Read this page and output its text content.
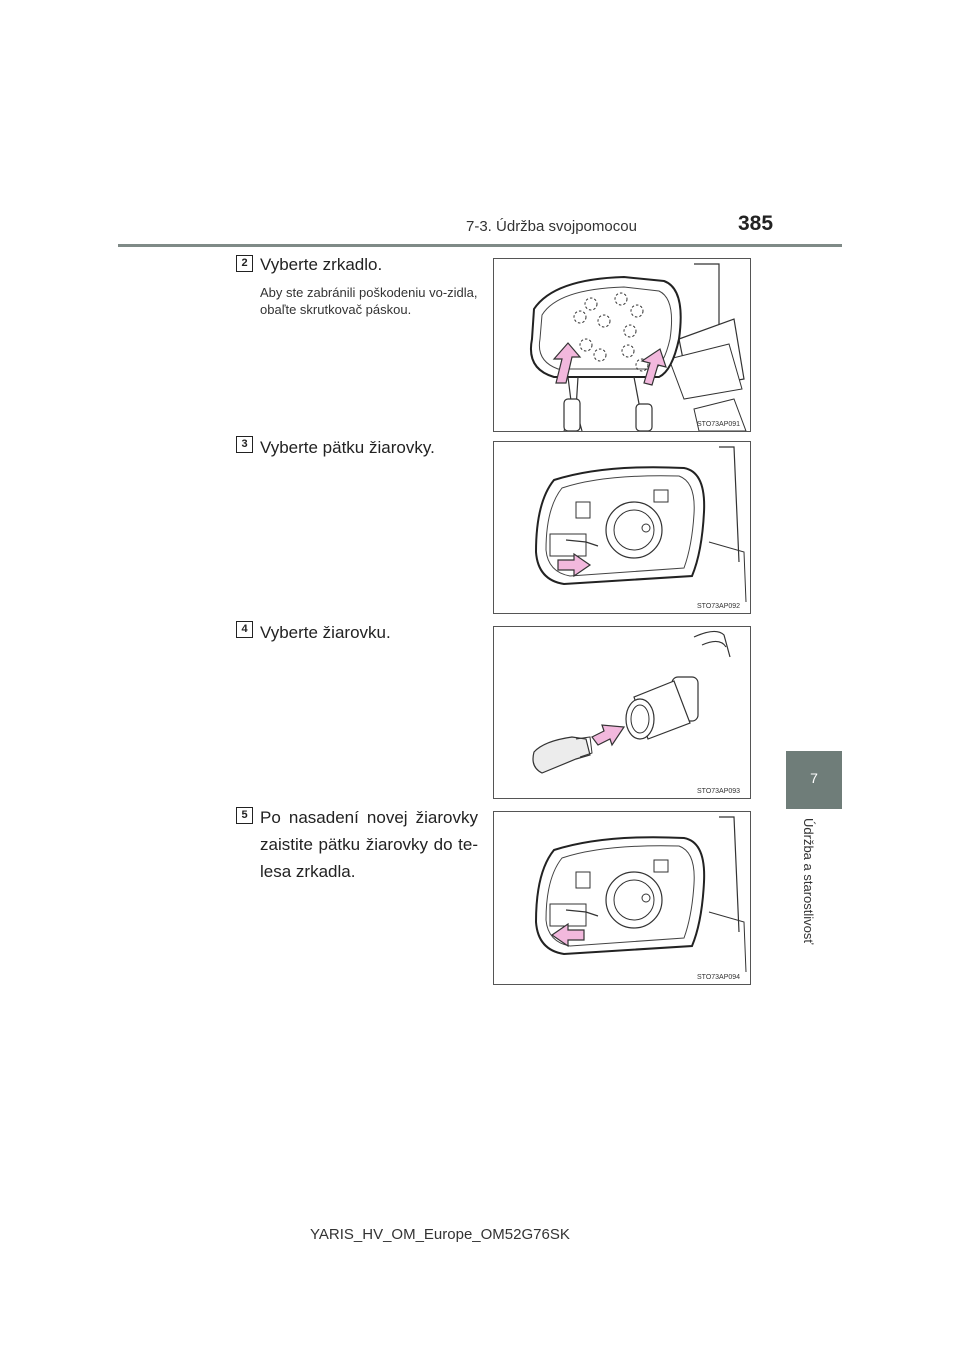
7-3. Údržba svojpomocou	385
7
Údržba a starostlivosť
2 Vyberte zrkadlo.
Aby ste zabránili poškodeniu vo-zidla, obaľte skrutkovač páskou.
STO73AP091
3 Vyberte pätku žiarovky.
STO73AP092
4 Vyberte žiarovku.
STO73AP093
5 Po nasadení novej žiarovky zaistite pätku žiarovky do te-lesa zrkadla.
STO73AP094
YARIS_HV_OM_Europe_OM52G76SK
